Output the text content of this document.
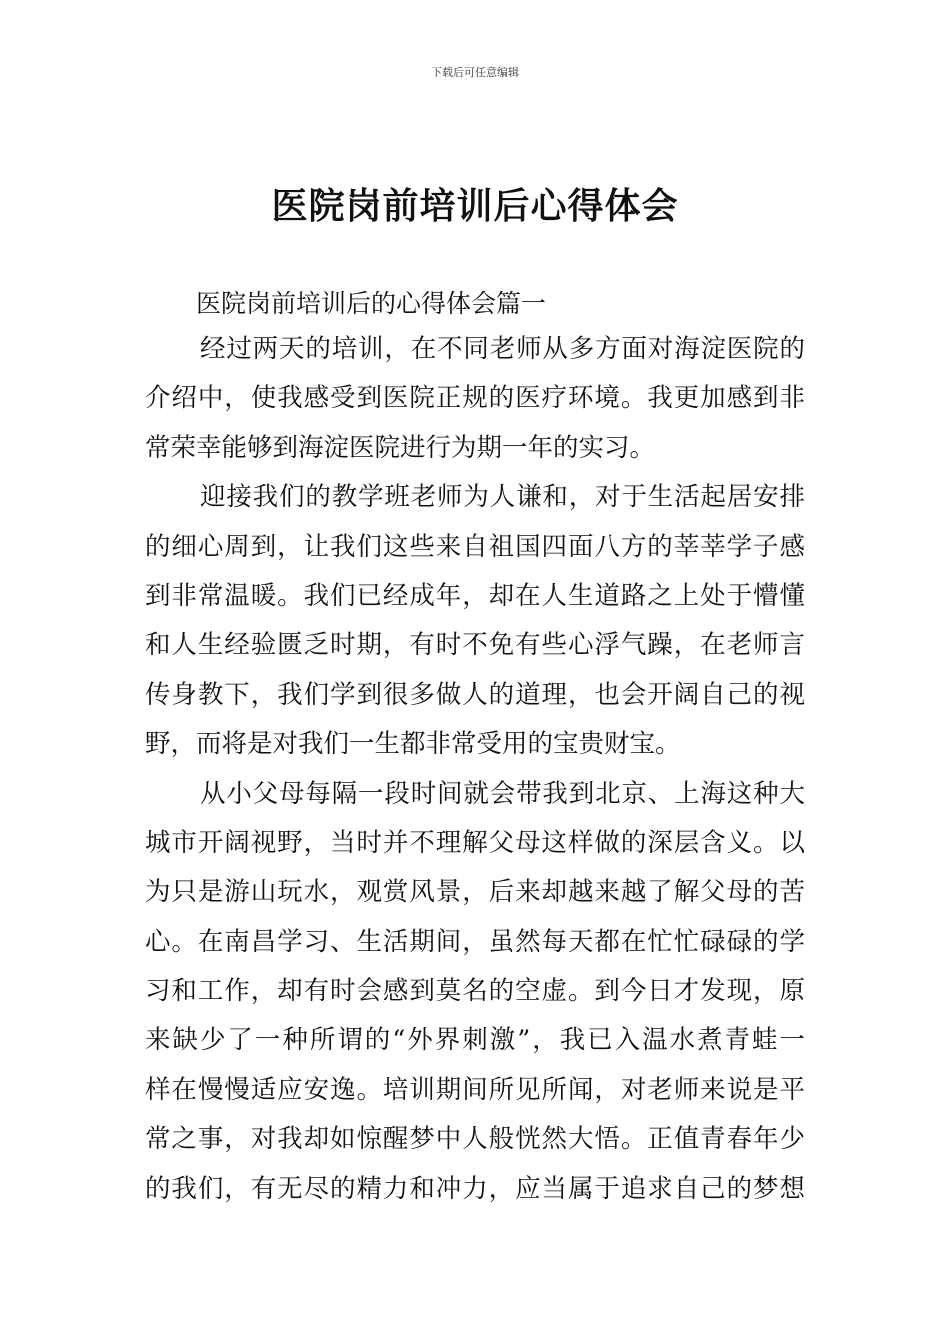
下载后可任意编辑
医院岗前培训后心得体会
医院岗前培训后的心得体会篇一
经过两天的培训，在不同老师从多方面对海淀医院的
介绍中，使我感受到医院正规的医疗环境。我更加感到非
常荣幸能够到海淀医院进行为期一年的实习。
迎接我们的教学班老师为人谦和，对于生活起居安排
的细心周到，让我们这些来自祖国四面八方的莘莘学子感
到非常温暖。我们已经成年，却在人生道路之上处于懵懂
和人生经验匮乏时期，有时不免有些心浮气躁，在老师言
传身教下，我们学到很多做人的道理，也会开阔自己的视
野，而将是对我们一生都非常受用的宝贵财宝。
从小父母每隔一段时间就会带我到北京、上海这种大
城市开阔视野，当时并不理解父母这样做的深层含义。以
为只是游山玩水，观赏风景，后来却越来越了解父母的苦
心。在南昌学习、生活期间，虽然每天都在忙忙碌碌的学
习和工作，却有时会感到莫名的空虚。到今日才发现，原
来缺少了一种所谓的“外界刺激”，我已入温水煮青蛙一
样在慢慢适应安逸。培训期间所见所闻，对老师来说是平
常之事，对我却如惊醒梦中人般恍然大悟。正值青春年少
的我们，有无尽的精力和冲力，应当属于追求自己的梦想
